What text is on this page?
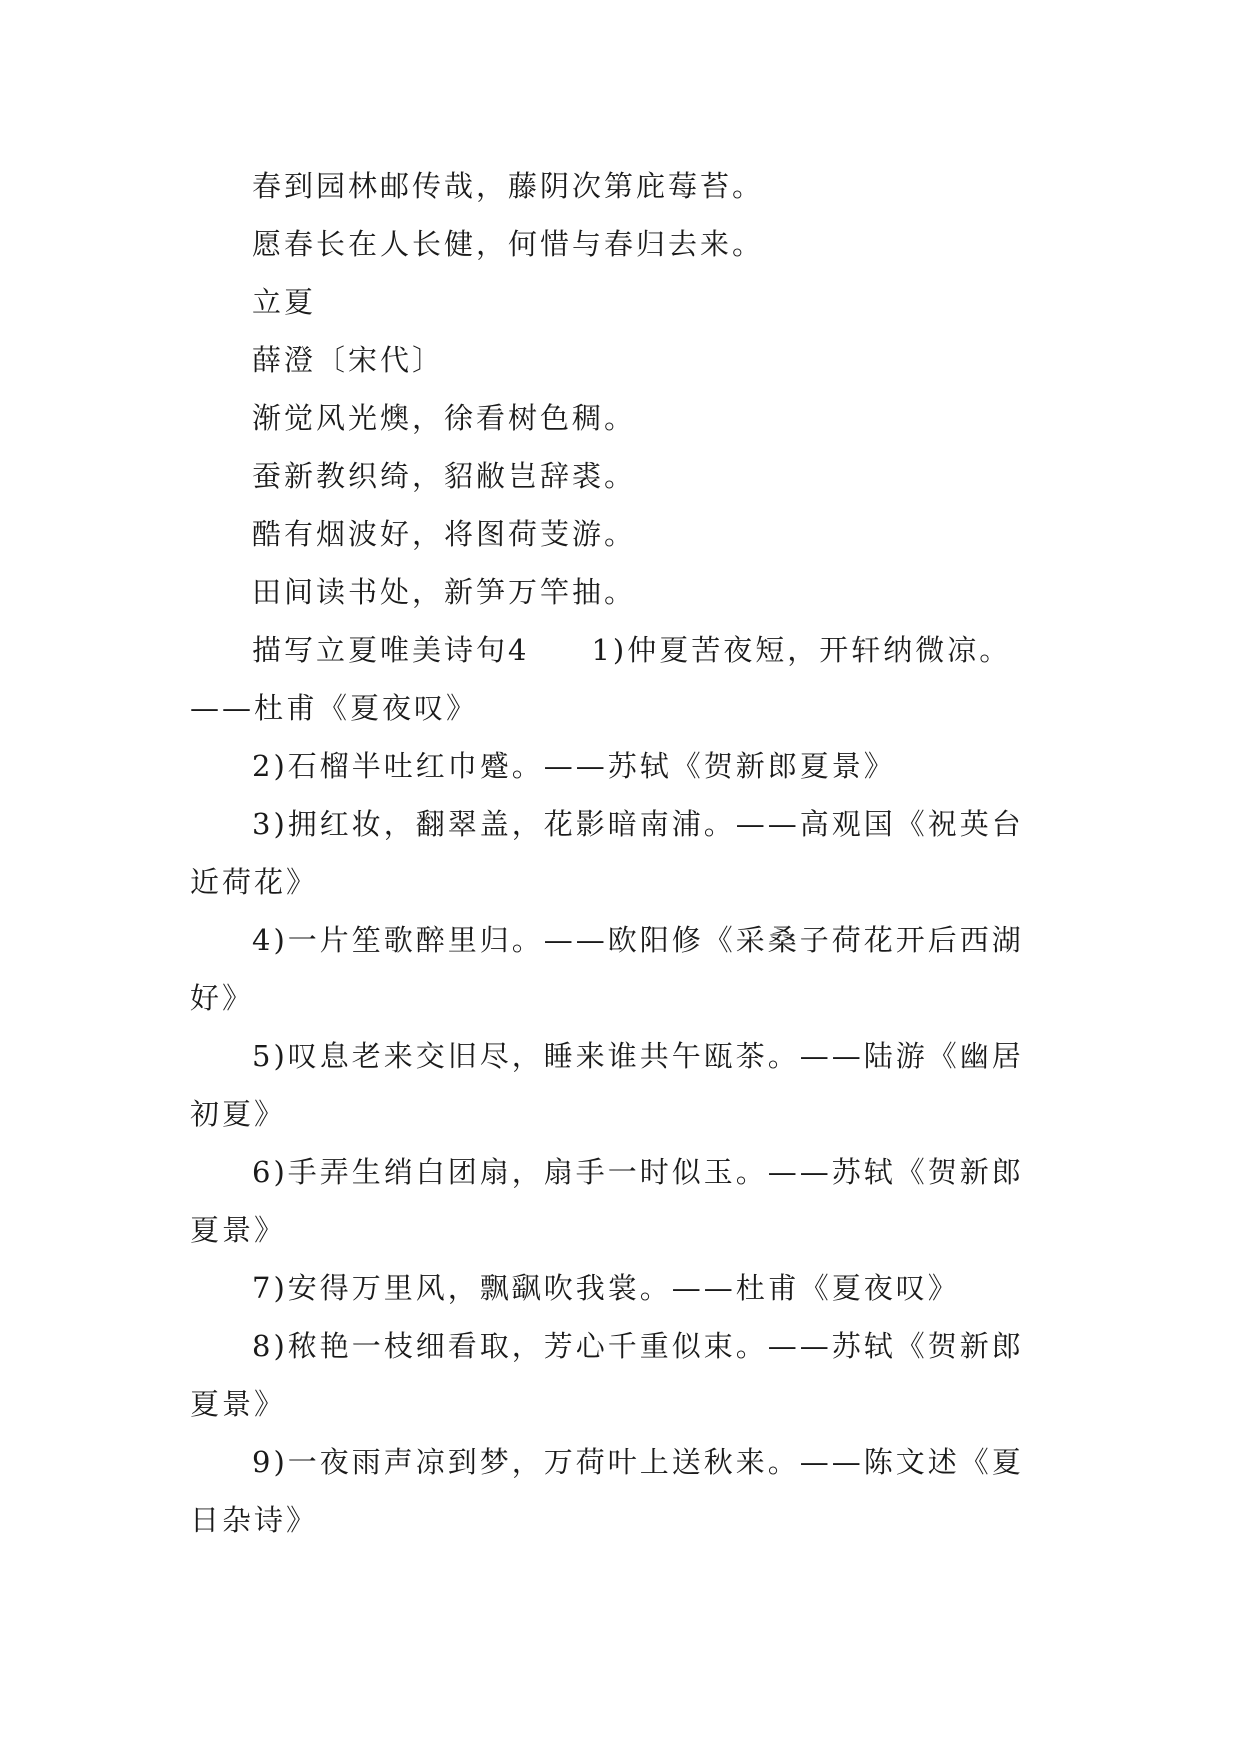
春到园林邮传哉，藤阴次第庇莓苔。

愿春长在人长健，何惜与春归去来。

立夏

薛澄〔宋代〕

渐觉风光燠，徐看树色稠。

蚕新教织绮，貂敝岂辞裘。

酷有烟波好，将图荷芰游。

田间读书处，新笋万竿抽。

描写立夏唯美诗句4 1)仲夏苦夜短，开轩纳微凉。——杜甫《夏夜叹》

2)石榴半吐红巾蹙。——苏轼《贺新郎夏景》

3)拥红妆，翻翠盖，花影暗南浦。——高观国《祝英台近荷花》

4)一片笙歌醉里归。——欧阳修《采桑子荷花开后西湖好》

5)叹息老来交旧尽，睡来谁共午瓯茶。——陆游《幽居初夏》

6)手弄生绡白团扇，扇手一时似玉。——苏轼《贺新郎夏景》

7)安得万里风，飘飖吹我裳。——杜甫《夏夜叹》

8)秾艳一枝细看取，芳心千重似束。——苏轼《贺新郎夏景》

9)一夜雨声凉到梦，万荷叶上送秋来。——陈文述《夏日杂诗》
